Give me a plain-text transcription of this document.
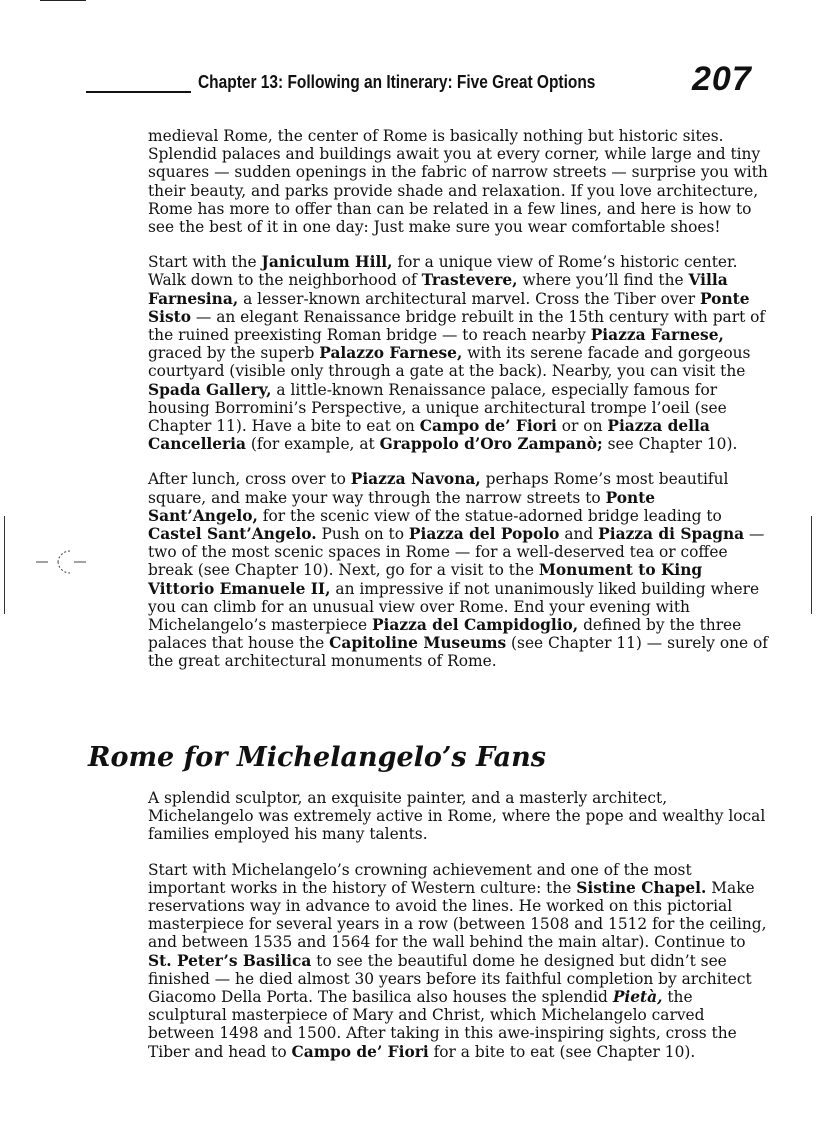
Chapter 13: Following an Itinerary: Five Great Options	207

medieval Rome, the center of Rome is basically nothing but historic sites. Splendid palaces and buildings await you at every corner, while large and tiny squares — sudden openings in the fabric of narrow streets — surprise you with their beauty, and parks provide shade and relaxation. If you love architecture, Rome has more to offer than can be related in a few lines, and here is how to see the best of it in one day: Just make sure you wear comfortable shoes!

Start with the Janiculum Hill, for a unique view of Rome’s historic center. Walk down to the neighborhood of Trastevere, where you’ll find the Villa Farnesina, a lesser-known architectural marvel. Cross the Tiber over Ponte Sisto — an elegant Renaissance bridge rebuilt in the 15th century with part of the ruined preexisting Roman bridge — to reach nearby Piazza Farnese, graced by the superb Palazzo Farnese, with its serene facade and gorgeous courtyard (visible only through a gate at the back). Nearby, you can visit the Spada Gallery, a little-known Renaissance palace, especially famous for housing Borromini’s Perspective, a unique architectural trompe l’oeil (see Chapter 11). Have a bite to eat on Campo de’ Fiori or on Piazza della Cancelleria (for example, at Grappolo d’Oro Zampanò; see Chapter 10).

After lunch, cross over to Piazza Navona, perhaps Rome’s most beautiful square, and make your way through the narrow streets to Ponte Sant’Angelo, for the scenic view of the statue-adorned bridge leading to Castel Sant’Angelo. Push on to Piazza del Popolo and Piazza di Spagna — two of the most scenic spaces in Rome — for a well-deserved tea or coffee break (see Chapter 10). Next, go for a visit to the Monument to King Vittorio Emanuele II, an impressive if not unanimously liked building where you can climb for an unusual view over Rome. End your evening with Michelangelo’s masterpiece Piazza del Campidoglio, defined by the three palaces that house the Capitoline Museums (see Chapter 11) — surely one of the great architectural monuments of Rome.

Rome for Michelangelo’s Fans

A splendid sculptor, an exquisite painter, and a masterly architect, Michelangelo was extremely active in Rome, where the pope and wealthy local families employed his many talents.

Start with Michelangelo’s crowning achievement and one of the most important works in the history of Western culture: the Sistine Chapel. Make reservations way in advance to avoid the lines. He worked on this pictorial masterpiece for several years in a row (between 1508 and 1512 for the ceiling, and between 1535 and 1564 for the wall behind the main altar). Continue to St. Peter’s Basilica to see the beautiful dome he designed but didn’t see finished — he died almost 30 years before its faithful completion by architect Giacomo Della Porta. The basilica also houses the splendid Pietà, the sculptural masterpiece of Mary and Christ, which Michelangelo carved between 1498 and 1500. After taking in this awe-inspiring sights, cross the Tiber and head to Campo de’ Fiori for a bite to eat (see Chapter 10).
